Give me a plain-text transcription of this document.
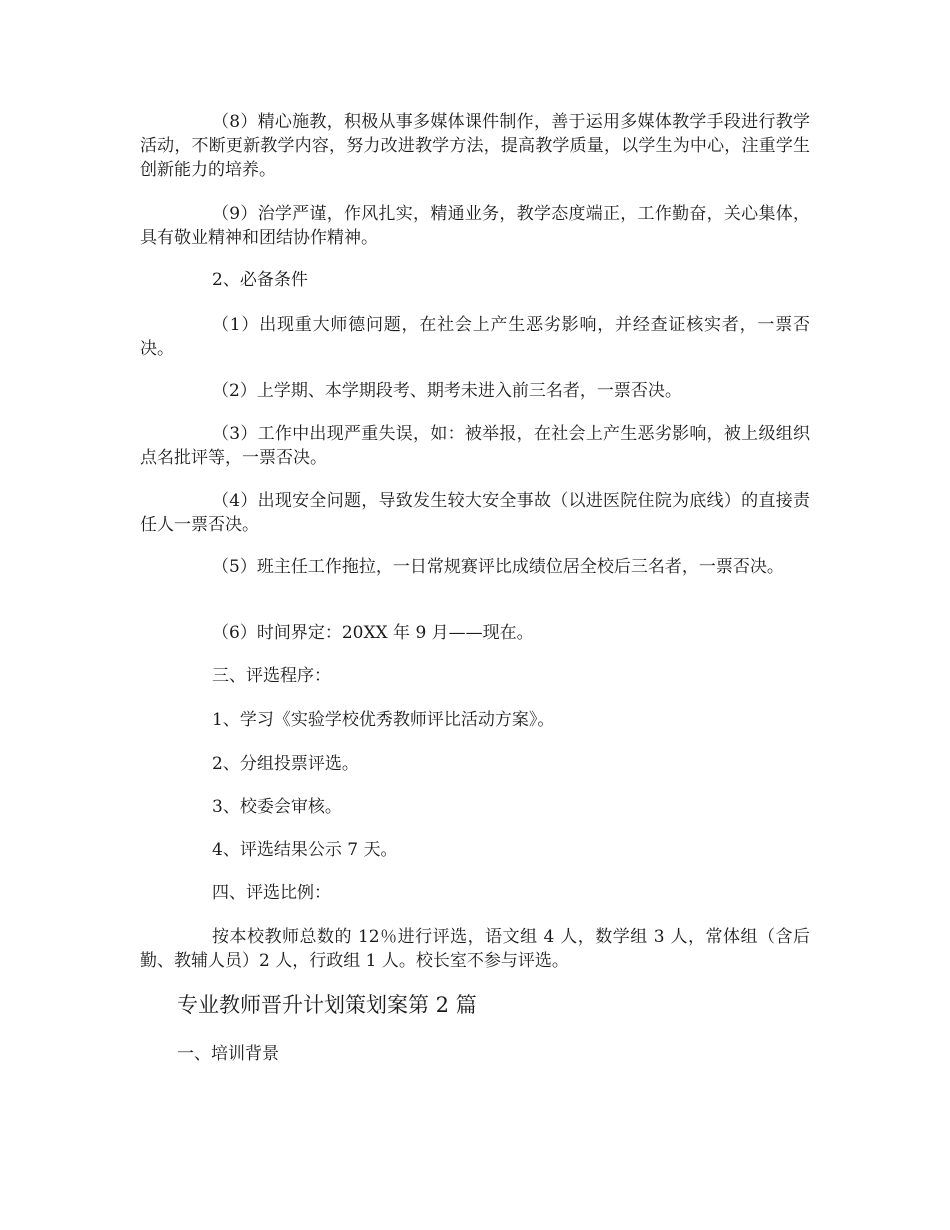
（8）精心施教，积极从事多媒体课件制作，善于运用多媒体教学手段进行教学活动，不断更新教学内容，努力改进教学方法，提高教学质量，以学生为中心，注重学生创新能力的培养。

（9）治学严谨，作风扎实，精通业务，教学态度端正，工作勤奋，关心集体，具有敬业精神和团结协作精神。

2、必备条件

（1）出现重大师德问题，在社会上产生恶劣影响，并经查证核实者，一票否决。

（2）上学期、本学期段考、期考未进入前三名者，一票否决。

（3）工作中出现严重失误，如：被举报，在社会上产生恶劣影响，被上级组织点名批评等，一票否决。

（4）出现安全问题，导致发生较大安全事故（以进医院住院为底线）的直接责任人一票否决。

（5）班主任工作拖拉，一日常规赛评比成绩位居全校后三名者，一票否决。

（6）时间界定：20XX 年 9 月——现在。

三、评选程序：

1、学习《实验学校优秀教师评比活动方案》。

2、分组投票评选。

3、校委会审核。

4、评选结果公示 7 天。

四、评选比例：

按本校教师总数的 12％进行评选，语文组 4 人，数学组 3 人，常体组（含后勤、教辅人员）2 人，行政组 1 人。校长室不参与评选。

专业教师晋升计划策划案第 2 篇

一、培训背景
